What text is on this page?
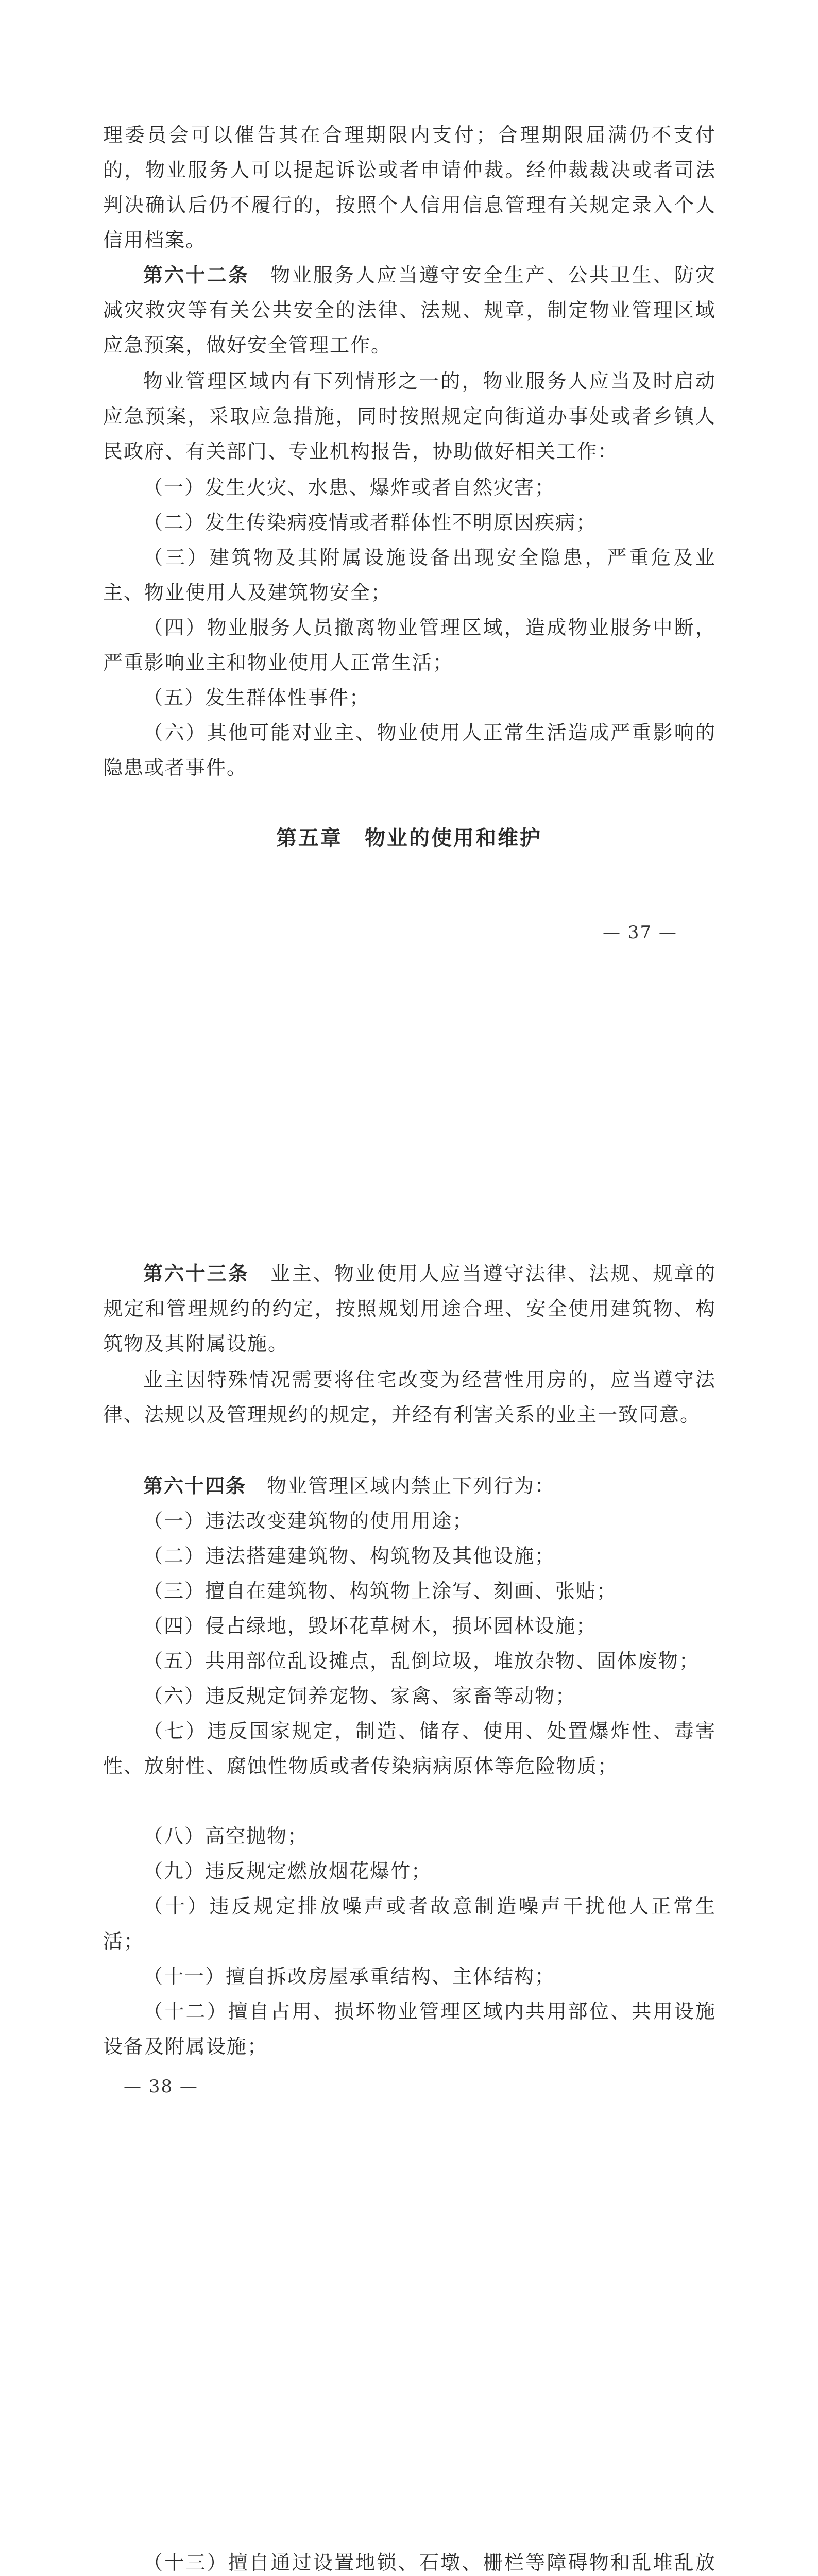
理委员会可以催告其在合理期限内支付；合理期限届满仍不支付的，物业服务人可以提起诉讼或者申请仲裁。经仲裁裁决或者司法判决确认后仍不履行的，按照个人信用信息管理有关规定录入个人信用档案。

第六十二条　 物业服务人应当遵守安全生产、公共卫生、防灾减灾救灾等有关公共安全的法律、法规、规章，制定物业管理区域应急预案，做好安全管理工作。

物业管理区域内有下列情形之一的，物业服务人应当及时启动应急预案，采取应急措施，同时按照规定向街道办事处或者乡镇人民政府、有关部门、专业机构报告，协助做好相关工作：

（一）发生火灾、水患、爆炸或者自然灾害；

（二）发生传染病疫情或者群体性不明原因疾病；

（三）建筑物及其附属设施设备出现安全隐患，严重危及业主、物业使用人及建筑物安全；

（四）物业服务人员撤离物业管理区域，造成物业服务中断，严重影响业主和物业使用人正常生活；

（五）发生群体性事件；

（六）其他可能对业主、物业使用人正常生活造成严重影响的隐患或者事件。

第五章　物业的使用和维护
— 37 —

第六十三条　 业主、物业使用人应当遵守法律、法规、规章的规定和管理规约的约定，按照规划用途合理、安全使用建筑物、构筑物及其附属设施。

业主因特殊情况需要将住宅改变为经营性用房的，应当遵守法律、法规以及管理规约的规定，并经有利害关系的业主一致同意。

第六十四条　 物业管理区域内禁止下列行为：

（一）违法改变建筑物的使用用途；

（二）违法搭建建筑物、构筑物及其他设施；

（三）擅自在建筑物、构筑物上涂写、刻画、张贴；

（四）侵占绿地，毁坏花草树木，损坏园林设施；

（五）共用部位乱设摊点，乱倒垃圾，堆放杂物、固体废物；

（六）违反规定饲养宠物、家禽、家畜等动物；

（七）违反国家规定，制造、储存、使用、处置爆炸性、毒害性、放射性、腐蚀性物质或者传染病病原体等危险物质；

（八）高空抛物；

（九）违反规定燃放烟花爆竹；

（十）违反规定排放噪声或者故意制造噪声干扰他人正常生活；

（十一）擅自拆改房屋承重结构、主体结构；

（十二）擅自占用、损坏物业管理区域内共用部位、共用设施设备及附属设施；

— 38 —

（十三）擅自通过设置地锁、石墩、栅栏等障碍物和乱堆乱放
